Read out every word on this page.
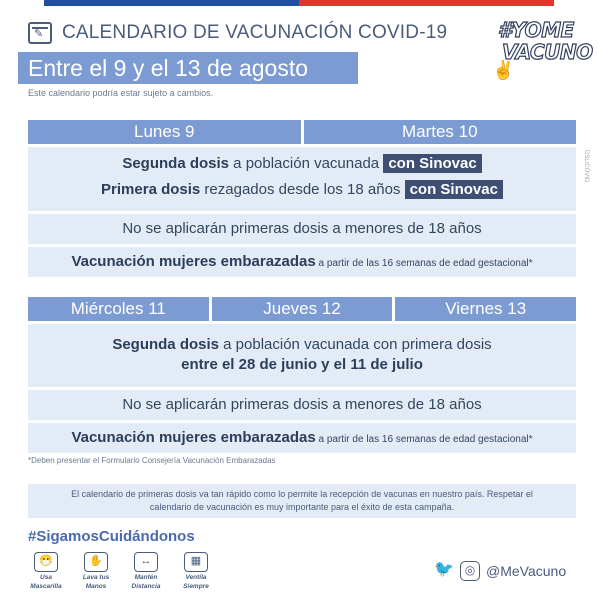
✎
CALENDARIO DE VACUNACIÓN COVID-19
Entre el 9 y el 13 de agosto
#YOME
VACUNO
✌
Este calendario podría estar sujeto a cambios.
DSL/COVID
Lunes 9	Martes 10
Segunda dosis a población vacunada con Sinovac
Primera dosis rezagados desde los 18 años con Sinovac
No se aplicarán primeras dosis a menores de 18 años
Vacunación mujeres embarazadas a partir de las 16 semanas de edad gestacional*
Miércoles 11	Jueves 12	Viernes 13
Segunda dosis a población vacunada con primera dosis
entre el 28 de junio y el 11 de julio
No se aplicarán primeras dosis a menores de 18 años
Vacunación mujeres embarazadas a partir de las 16 semanas de edad gestacional*
*Deben presentar el Formulario Consejería Vacunación Embarazadas
El calendario de primeras dosis va tan rápido como lo permite la recepción de vacunas en nuestro país. Respetar el
calendario de vacunación es muy importante para el éxito de esta campaña.
#SigamosCuidándonos
😷
Usa
Mascarilla
✋
Lava tus
Manos
↔
Mantén
Distancia
▦
Ventila
Siempre
🐦 ◎ @MeVacuno
